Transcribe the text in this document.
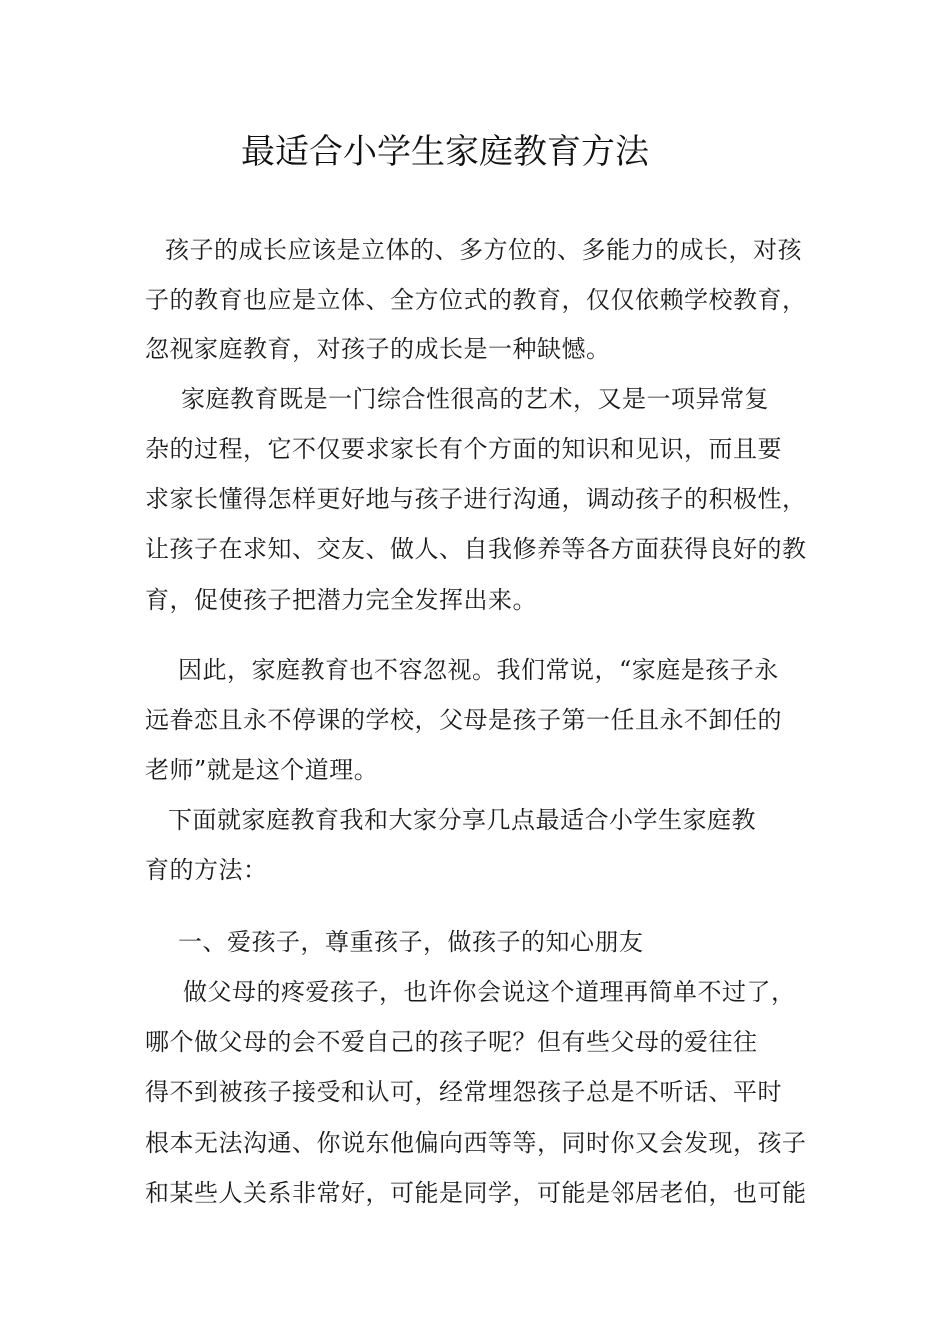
最适合小学生家庭教育方法
孩子的成长应该是立体的、多方位的、多能力的成长，对孩
子的教育也应是立体、全方位式的教育，仅仅依赖学校教育，
忽视家庭教育，对孩子的成长是一种缺憾。
家庭教育既是一门综合性很高的艺术，又是一项异常复
杂的过程，它不仅要求家长有个方面的知识和见识，而且要
求家长懂得怎样更好地与孩子进行沟通，调动孩子的积极性，
让孩子在求知、交友、做人、自我修养等各方面获得良好的教
育，促使孩子把潜力完全发挥出来。
因此，家庭教育也不容忽视。我们常说，“家庭是孩子永
远眷恋且永不停课的学校，父母是孩子第一任且永不卸任的
老师”就是这个道理。
下面就家庭教育我和大家分享几点最适合小学生家庭教
育的方法：
一、爱孩子，尊重孩子，做孩子的知心朋友
做父母的疼爱孩子，也许你会说这个道理再简单不过了，
哪个做父母的会不爱自己的孩子呢？但有些父母的爱往往
得不到被孩子接受和认可，经常埋怨孩子总是不听话、平时
根本无法沟通、你说东他偏向西等等，同时你又会发现，孩子
和某些人关系非常好，可能是同学，可能是邻居老伯，也可能
